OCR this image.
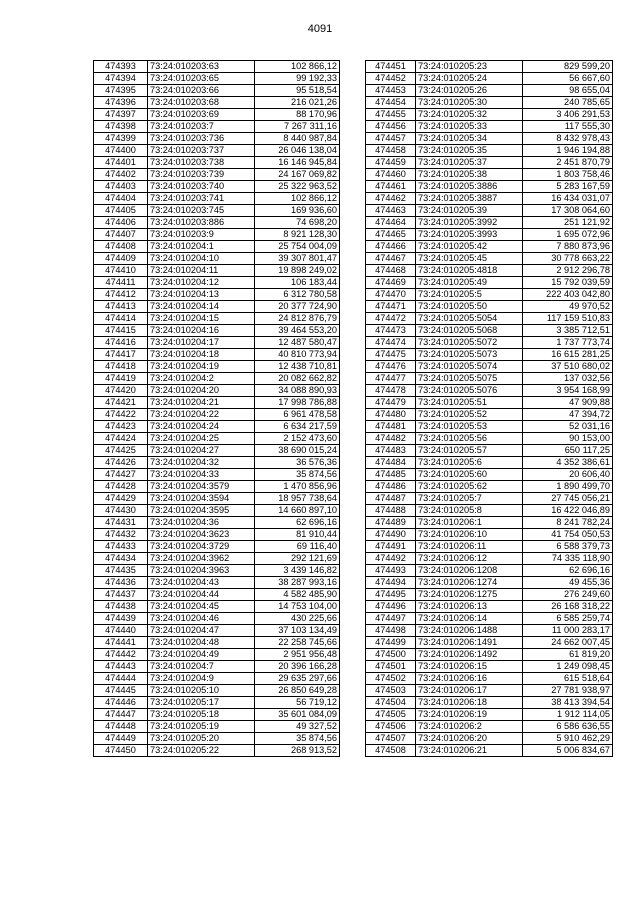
4091
474393	73:24:010203:63	102 866,12
474394	73:24:010203:65	99 192,33
474395	73:24:010203:66	95 518,54
474396	73:24:010203:68	216 021,26
474397	73:24:010203:69	88 170,96
474398	73:24:010203:7	7 267 311,16
474399	73:24:010203:736	8 440 987,84
474400	73:24:010203:737	26 046 138,04
474401	73:24:010203:738	16 146 945,84
474402	73:24:010203:739	24 167 069,82
474403	73:24:010203:740	25 322 963,52
474404	73:24:010203:741	102 866,12
474405	73:24:010203:745	169 936,60
474406	73:24:010203:886	74 698,20
474407	73:24:010203:9	8 921 128,30
474408	73:24:010204:1	25 754 004,09
474409	73:24:010204:10	39 307 801,47
474410	73:24:010204:11	19 898 249,02
474411	73:24:010204:12	106 183,44
474412	73:24:010204:13	6 312 780,58
474413	73:24:010204:14	20 377 724,90
474414	73:24:010204:15	24 812 876,79
474415	73:24:010204:16	39 464 553,20
474416	73:24:010204:17	12 487 580,47
474417	73:24:010204:18	40 810 773,94
474418	73:24:010204:19	12 438 710,81
474419	73:24:010204:2	20 082 662,82
474420	73:24:010204:20	34 088 890,93
474421	73:24:010204:21	17 998 786,88
474422	73:24:010204:22	6 961 478,58
474423	73:24:010204:24	6 634 217,59
474424	73:24:010204:25	2 152 473,60
474425	73:24:010204:27	38 690 015,24
474426	73:24:010204:32	36 576,36
474427	73:24:010204:33	35 874,56
474428	73:24:010204:3579	1 470 856,96
474429	73:24:010204:3594	18 957 738,64
474430	73:24:010204:3595	14 660 897,10
474431	73:24:010204:36	62 696,16
474432	73:24:010204:3623	81 910,44
474433	73:24:010204:3729	69 116,40
474434	73:24:010204:3962	292 121,69
474435	73:24:010204:3963	3 439 146,82
474436	73:24:010204:43	38 287 993,16
474437	73:24:010204:44	4 582 485,90
474438	73:24:010204:45	14 753 104,00
474439	73:24:010204:46	430 225,66
474440	73:24:010204:47	37 103 134,49
474441	73:24:010204:48	22 258 745,66
474442	73:24:010204:49	2 951 956,48
474443	73:24:010204:7	20 396 166,28
474444	73:24:010204:9	29 635 297,66
474445	73:24:010205:10	26 850 649,28
474446	73:24:010205:17	56 719,12
474447	73:24:010205:18	35 601 084,09
474448	73:24:010205:19	49 327,52
474449	73:24:010205:20	35 874,56
474450	73:24:010205:22	268 913,52
474451	73:24:010205:23	829 599,20
474452	73:24:010205:24	56 667,60
474453	73:24:010205:26	98 655,04
474454	73:24:010205:30	240 785,65
474455	73:24:010205:32	3 406 291,53
474456	73:24:010205:33	117 555,30
474457	73:24:010205:34	8 432 978,43
474458	73:24:010205:35	1 946 194,88
474459	73:24:010205:37	2 451 870,79
474460	73:24:010205:38	1 803 758,46
474461	73:24:010205:3886	5 283 167,59
474462	73:24:010205:3887	16 434 031,07
474463	73:24:010205:39	17 308 064,60
474464	73:24:010205:3992	251 121,92
474465	73:24:010205:3993	1 695 072,96
474466	73:24:010205:42	7 880 873,96
474467	73:24:010205:45	30 778 663,22
474468	73:24:010205:4818	2 912 296,78
474469	73:24:010205:49	15 792 039,59
474470	73:24:010205:5	222 403 042,80
474471	73:24:010205:50	49 970,52
474472	73:24:010205:5054	117 159 510,83
474473	73:24:010205:5068	3 385 712,51
474474	73:24:010205:5072	1 737 773,74
474475	73:24:010205:5073	16 615 281,25
474476	73:24:010205:5074	37 510 680,02
474477	73:24:010205:5075	137 032,56
474478	73:24:010205:5076	3 954 168,99
474479	73:24:010205:51	47 909,88
474480	73:24:010205:52	47 394,72
474481	73:24:010205:53	52 031,16
474482	73:24:010205:56	90 153,00
474483	73:24:010205:57	650 117,25
474484	73:24:010205:6	4 352 386,61
474485	73:24:010205:60	20 606,40
474486	73:24:010205:62	1 890 499,70
474487	73:24:010205:7	27 745 056,21
474488	73:24:010205:8	16 422 046,89
474489	73:24:010206:1	8 241 782,24
474490	73:24:010206:10	41 754 050,53
474491	73:24:010206:11	6 588 379,73
474492	73:24:010206:12	74 335 118,90
474493	73:24:010206:1208	62 696,16
474494	73:24:010206:1274	49 455,36
474495	73:24:010206:1275	276 249,60
474496	73:24:010206:13	26 168 318,22
474497	73:24:010206:14	6 585 259,74
474498	73:24:010206:1488	11 000 283,17
474499	73:24:010206:1491	24 662 007,45
474500	73:24:010206:1492	61 819,20
474501	73:24:010206:15	1 249 098,45
474502	73:24:010206:16	615 518,64
474503	73:24:010206:17	27 781 938,97
474504	73:24:010206:18	38 413 394,54
474505	73:24:010206:19	1 912 114,05
474506	73:24:010206:2	6 586 636,55
474507	73:24:010206:20	5 910 462,29
474508	73:24:010206:21	5 006 834,67
